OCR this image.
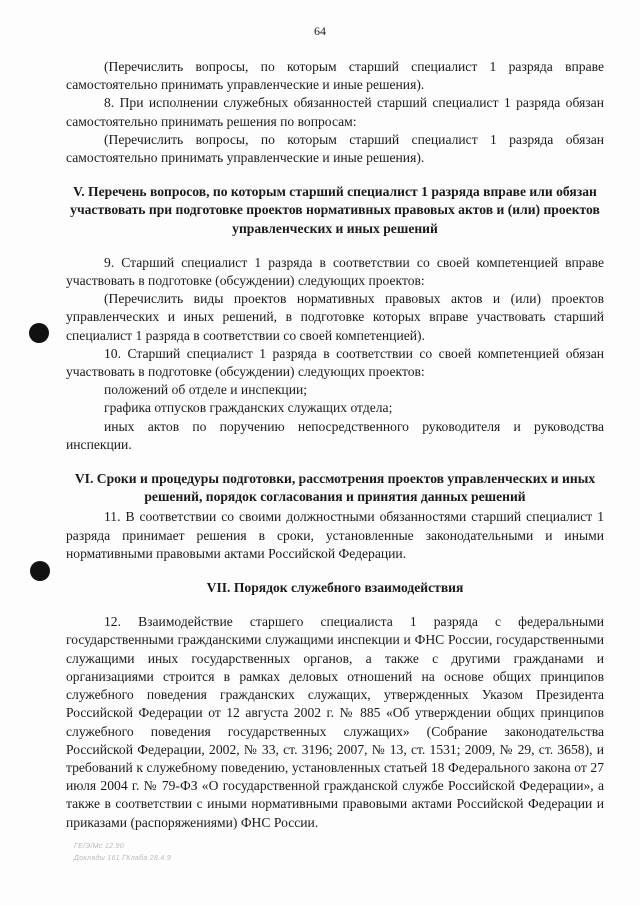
64

(Перечислить вопросы, по которым старший специалист 1 разряда вправе самостоятельно принимать управленческие и иные решения).

8. При исполнении служебных обязанностей старший специалист 1 разряда обязан самостоятельно принимать решения по вопросам:

(Перечислить вопросы, по которым старший специалист 1 разряда обязан самостоятельно принимать управленческие и иные решения).

V. Перечень вопросов, по которым старший специалист 1 разряда вправе или обязан участвовать при подготовке проектов нормативных правовых актов и (или) проектов управленческих и иных решений

9. Старший специалист 1 разряда в соответствии со своей компетенцией вправе участвовать в подготовке (обсуждении) следующих проектов:

(Перечислить виды проектов нормативных правовых актов и (или) проектов управленческих и иных решений, в подготовке которых вправе участвовать старший специалист 1 разряда в соответствии со своей компетенцией).

10. Старший специалист 1 разряда в соответствии со своей компетенцией обязан участвовать в подготовке (обсуждении) следующих проектов:

положений об отделе и инспекции;

графика отпусков гражданских служащих отдела;

иных актов по поручению непосредственного руководителя и руководства инспекции.

VI. Сроки и процедуры подготовки, рассмотрения проектов управленческих и иных решений, порядок согласования и принятия данных решений

11. В соответствии со своими должностными обязанностями старший специалист 1 разряда принимает решения в сроки, установленные законодательными и иными нормативными правовыми актами Российской Федерации.

VII. Порядок служебного взаимодействия

12. Взаимодействие старшего специалиста 1 разряда с федеральными государственными гражданскими служащими инспекции и ФНС России, государственными служащими иных государственных органов, а также с другими гражданами и организациями строится в рамках деловых отношений на основе общих принципов служебного поведения гражданских служащих, утвержденных Указом Президента Российской Федерации от 12 августа 2002 г. № 885 «Об утверждении общих принципов служебного поведения государственных служащих» (Собрание законодательства Российской Федерации, 2002, № 33, ст. 3196; 2007, № 13, ст. 1531; 2009, № 29, ст. 3658), и требований к служебному поведению, установленных статьей 18 Федерального закона от 27 июля 2004 г. № 79-ФЗ «О государственной гражданской службе Российской Федерации», а также в соответствии с иными нормативными правовыми актами Российской Федерации и приказами (распоряжениями) ФНС России.

ГЕ/Э/Мс 12.90
Доклады 161 ГКлаба 28.4.9
